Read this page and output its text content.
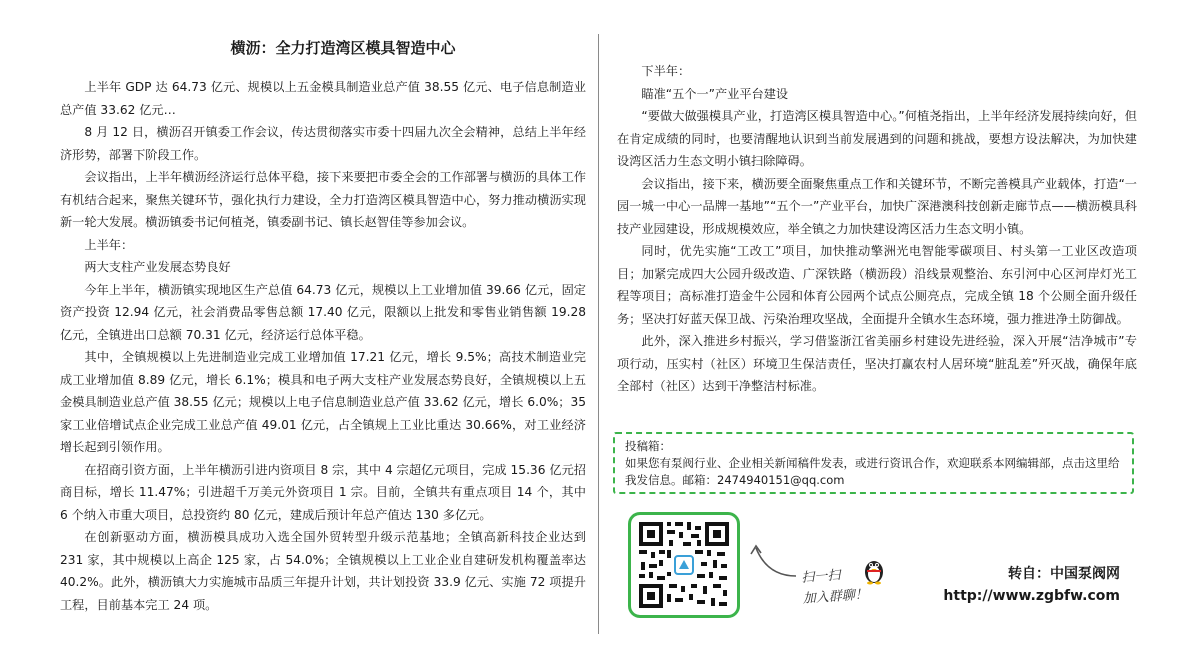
横沥：全力打造湾区模具智造中心

上半年 GDP 达 64.73 亿元、规模以上五金模具制造业总产值 38.55 亿元、电子信息制造业总产值 33.62 亿元…

8 月 12 日，横沥召开镇委工作会议，传达贯彻落实市委十四届九次全会精神，总结上半年经济形势，部署下阶段工作。

会议指出，上半年横沥经济运行总体平稳，接下来要把市委全会的工作部署与横沥的具体工作有机结合起来，聚焦关键环节，强化执行力建设，全力打造湾区模具智造中心，努力推动横沥实现新一轮大发展。横沥镇委书记何植尧，镇委副书记、镇长赵智佳等参加会议。

上半年：

两大支柱产业发展态势良好

今年上半年，横沥镇实现地区生产总值 64.73 亿元，规模以上工业增加值 39.66 亿元，固定资产投资 12.94 亿元，社会消费品零售总额 17.40 亿元，限额以上批发和零售业销售额 19.28 亿元，全镇进出口总额 70.31 亿元，经济运行总体平稳。

其中，全镇规模以上先进制造业完成工业增加值 17.21 亿元，增长 9.5%；高技术制造业完成工业增加值 8.89 亿元，增长 6.1%；模具和电子两大支柱产业发展态势良好，全镇规模以上五金模具制造业总产值 38.55 亿元；规模以上电子信息制造业总产值 33.62 亿元，增长 6.0%；35 家工业倍增试点企业完成工业总产值 49.01 亿元，占全镇规上工业比重达 30.66%，对工业经济增长起到引领作用。

在招商引资方面，上半年横沥引进内资项目 8 宗，其中 4 宗超亿元项目，完成 15.36 亿元招商目标，增长 11.47%；引进超千万美元外资项目 1 宗。目前，全镇共有重点项目 14 个，其中 6 个纳入市重大项目，总投资约 80 亿元，建成后预计年总产值达 130 多亿元。

在创新驱动方面，横沥模具成功入选全国外贸转型升级示范基地；全镇高新科技企业达到 231 家，其中规模以上高企 125 家，占 54.0%；全镇规模以上工业企业自建研发机构覆盖率达 40.2%。此外，横沥镇大力实施城市品质三年提升计划，共计划投资 33.9 亿元、实施 72 项提升工程，目前基本完工 24 项。

下半年：

瞄准“五个一”产业平台建设

“要做大做强模具产业，打造湾区模具智造中心。”何植尧指出，上半年经济发展持续向好，但在肯定成绩的同时，也要清醒地认识到当前发展遇到的问题和挑战，要想方设法解决，为加快建设湾区活力生态文明小镇扫除障碍。

会议指出，接下来，横沥要全面聚焦重点工作和关键环节，不断完善模具产业载体，打造“一园一城一中心一品牌一基地”“五个一”产业平台，加快广深港澳科技创新走廊节点——横沥模具科技产业园建设，形成规模效应，举全镇之力加快建设湾区活力生态文明小镇。

同时，优先实施“工改工”项目，加快推动擎洲光电智能零碳项目、村头第一工业区改造项目；加紧完成四大公园升级改造、广深铁路（横沥段）沿线景观整治、东引河中心区河岸灯光工程等项目；高标准打造金牛公园和体育公园两个试点公厕亮点，完成全镇 18 个公厕全面升级任务；坚决打好蓝天保卫战、污染治理攻坚战，全面提升全镇水生态环境，强力推进净土防御战。

此外，深入推进乡村振兴，学习借鉴浙江省美丽乡村建设先进经验，深入开展“洁净城市”专项行动，压实村（社区）环境卫生保洁责任，坚决打赢农村人居环境“脏乱差”歼灭战，确保年底全部村（社区）达到干净整洁村标准。

投稿箱：
如果您有泵阀行业、企业相关新闻稿件发表，或进行资讯合作，欢迎联系本网编辑部，点击这里给我发信息。邮箱：2474940151@qq.com
扫一扫
加入群聊！
转自：中国泵阀网
http://www.zgbfw.com
